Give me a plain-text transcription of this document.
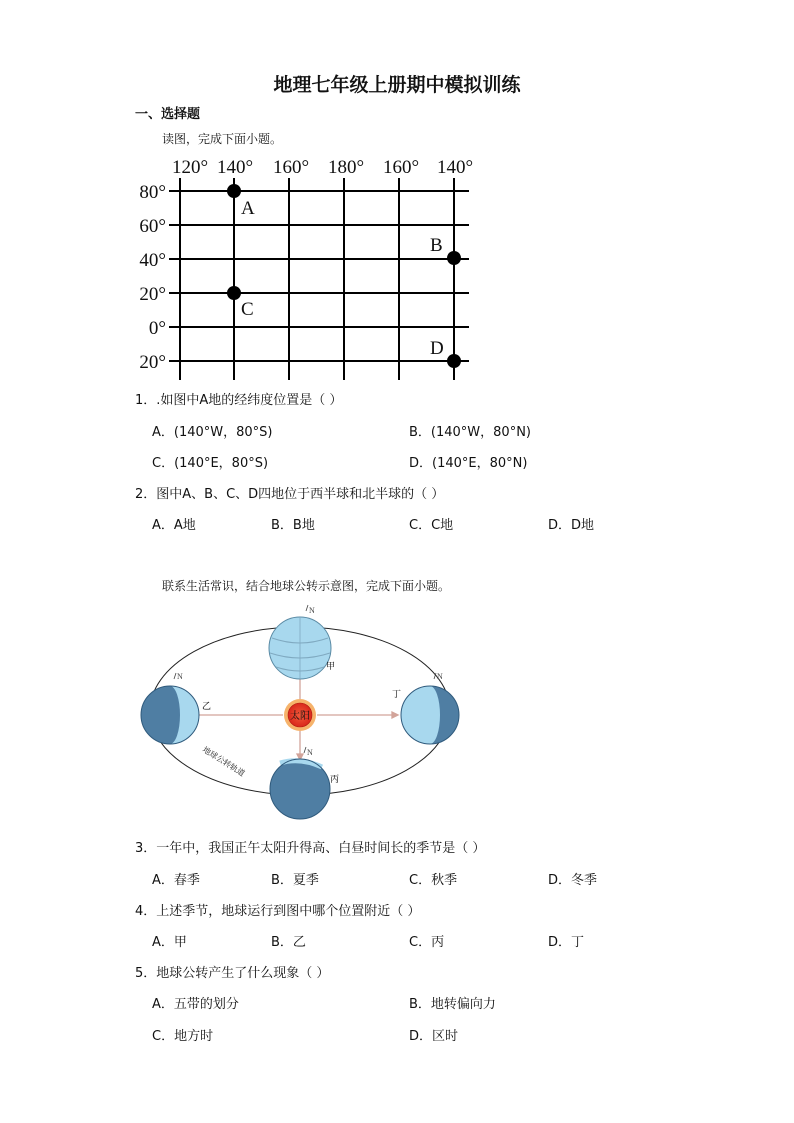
地理七年级上册期中模拟训练
一、选择题
读图，完成下面小题。
120° 140° 160° 180° 160° 140°
80°
60°
40°
20°
0°
20°
A
B
C
D
1．.如图中A地的经纬度位置是（ ）
A．(140°W，80°S)	B．(140°W，80°N)
C．(140°E，80°S)	D．(140°E，80°N)
2．图中A、B、C、D四地位于西半球和北半球的（ ）
A．A地	B．B地	C．C地	D．D地
联系生活常识，结合地球公转示意图，完成下面小题。
太阳
甲
乙
丁
丙
N
N	N
N
地球公转轨道
3．一年中，我国正午太阳升得高、白昼时间长的季节是（ ）
A．春季	B．夏季	C．秋季	D．冬季
4．上述季节，地球运行到图中哪个位置附近（ ）
A．甲	B．乙	C．丙	D．丁
5．地球公转产生了什么现象（ ）
A．五带的划分	B．地转偏向力
C．地方时	D．区时
